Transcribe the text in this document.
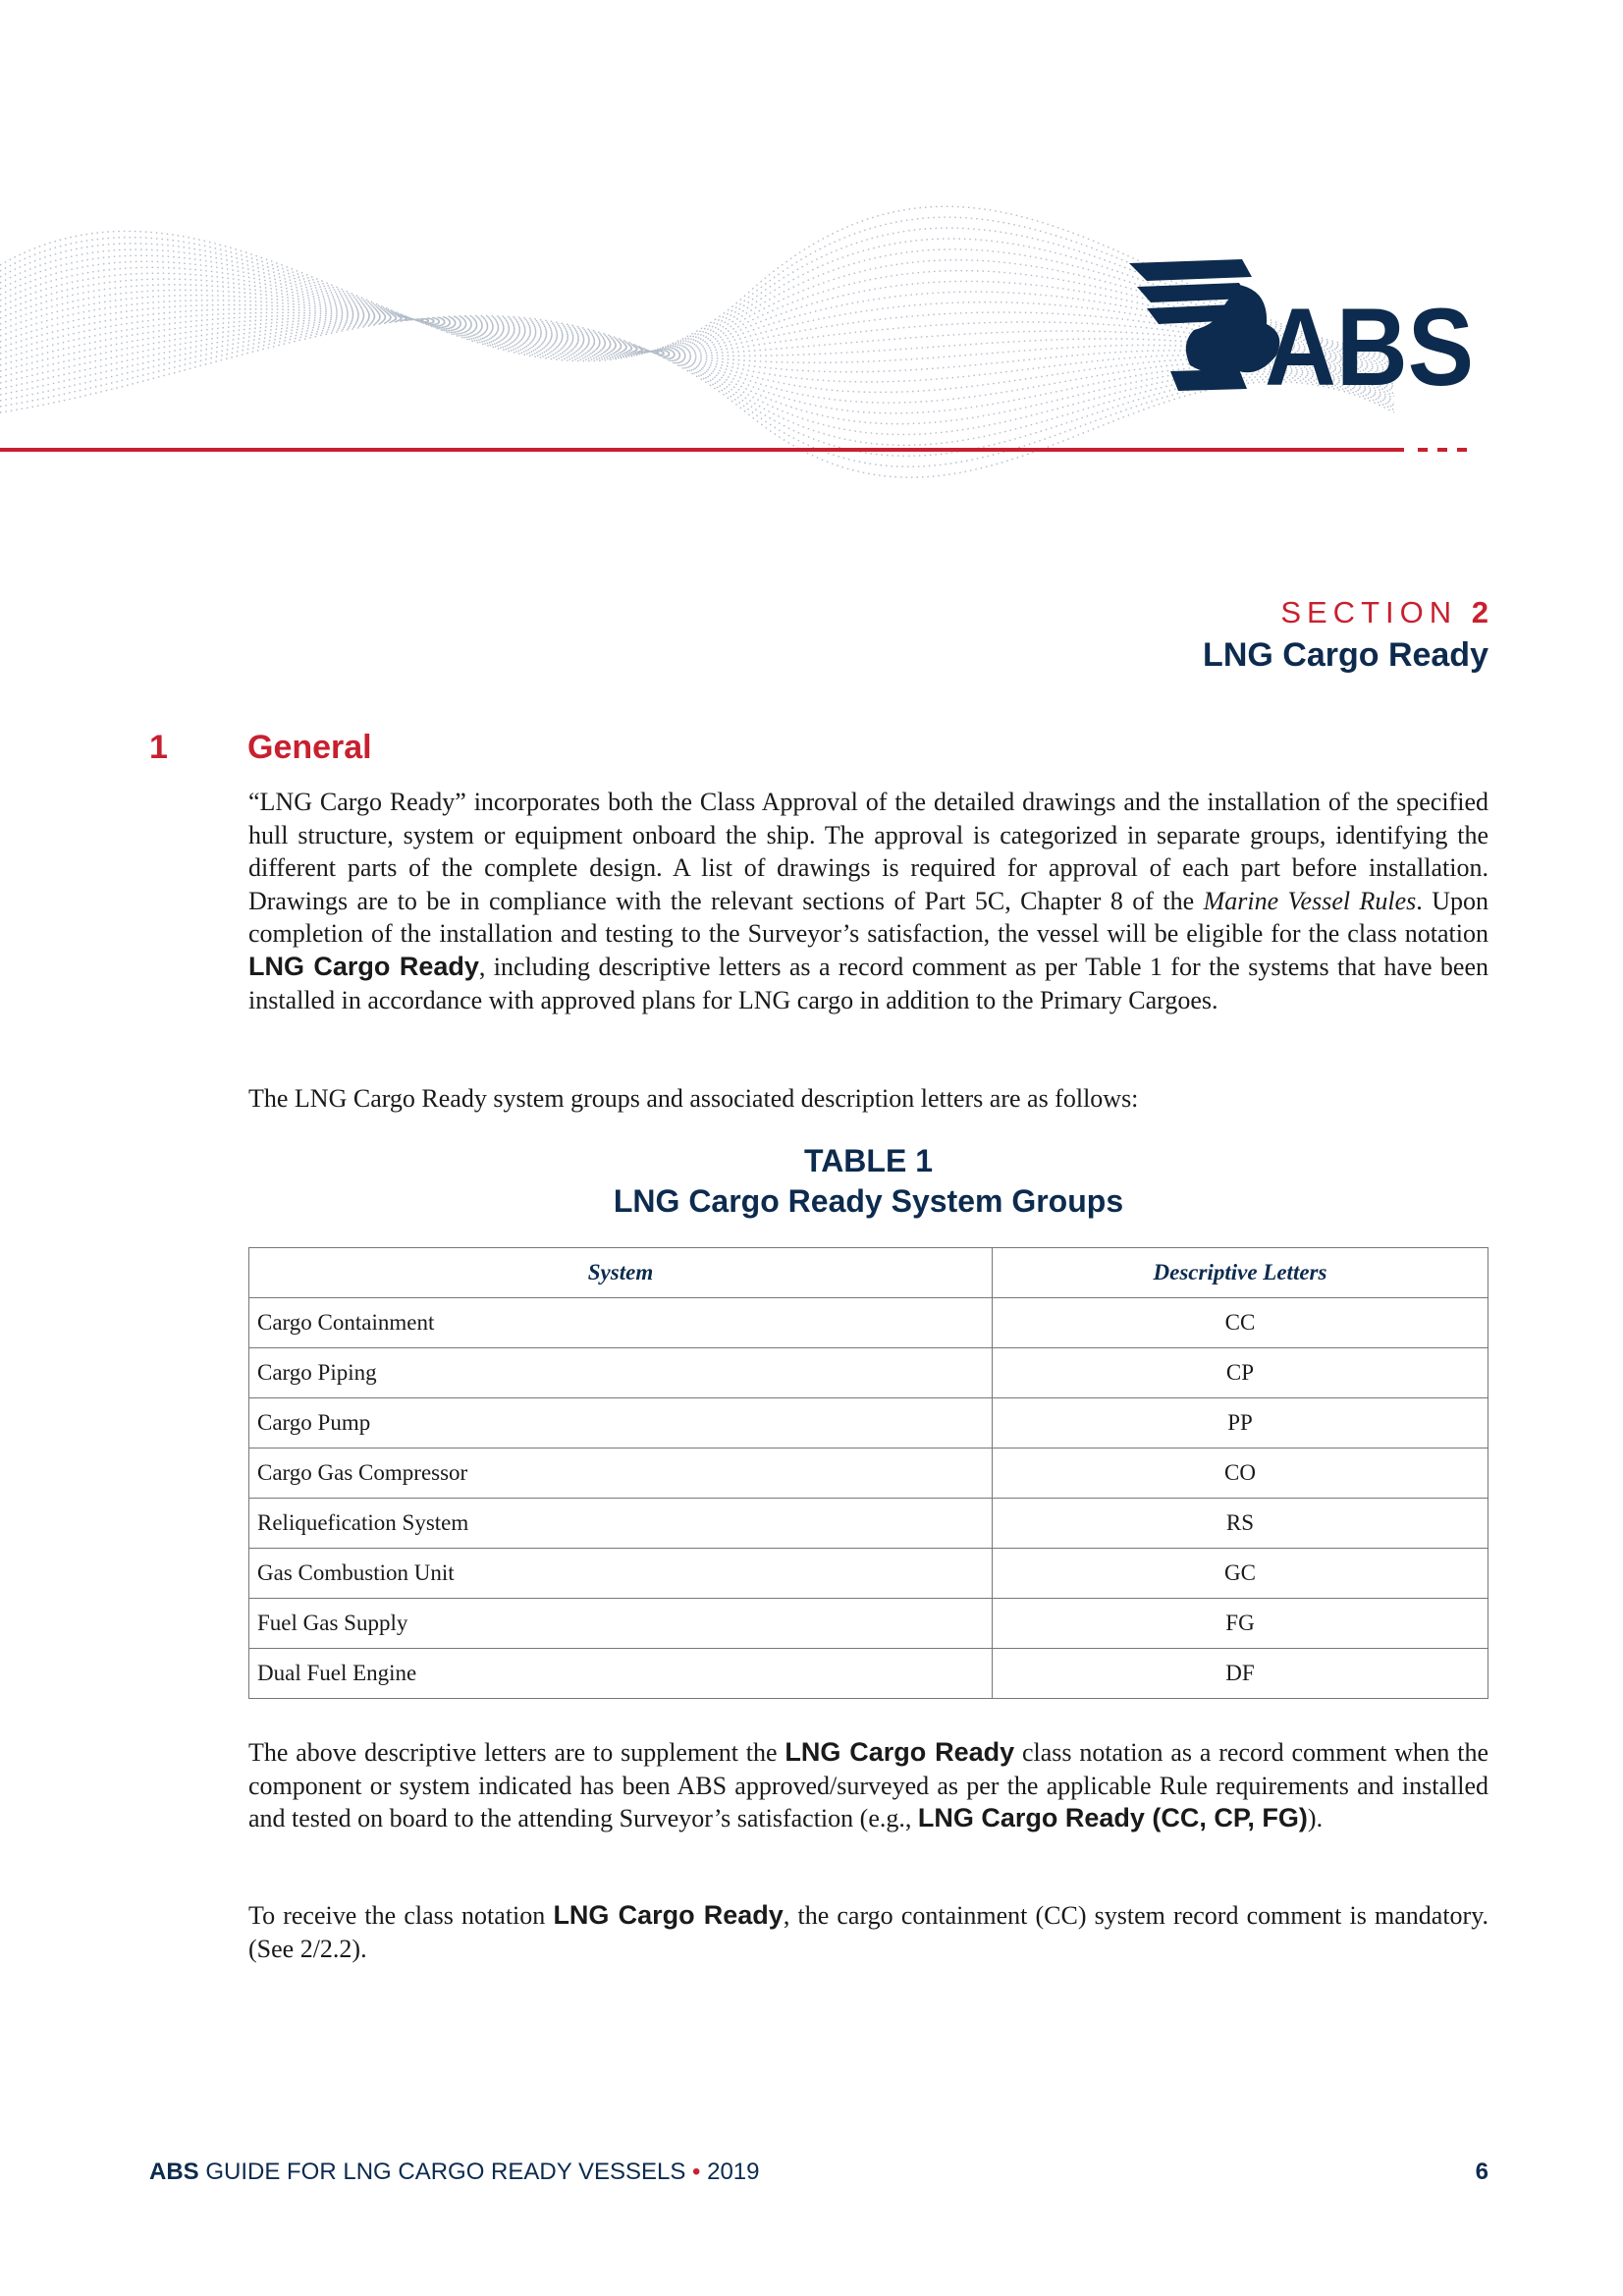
ABS
SECTION 2
LNG Cargo Ready
1 General

“LNG Cargo Ready” incorporates both the Class Approval of the detailed drawings and the installation of the specified hull structure, system or equipment onboard the ship. The approval is categorized in separate groups, identifying the different parts of the complete design. A list of drawings is required for approval of each part before installation. Drawings are to be in compliance with the relevant sections of Part 5C, Chapter 8 of the Marine Vessel Rules. Upon completion of the installation and testing to the Surveyor’s satisfaction, the vessel will be eligible for the class notation LNG Cargo Ready, including descriptive letters as a record comment as per Table 1 for the systems that have been installed in accordance with approved plans for LNG cargo in addition to the Primary Cargoes.

The LNG Cargo Ready system groups and associated description letters are as follows:

TABLE 1
LNG Cargo Ready System Groups
System	Descriptive Letters
Cargo Containment	CC
Cargo Piping	CP
Cargo Pump	PP
Cargo Gas Compressor	CO
Reliquefication System	RS
Gas Combustion Unit	GC
Fuel Gas Supply	FG
Dual Fuel Engine	DF

The above descriptive letters are to supplement the LNG Cargo Ready class notation as a record comment when the component or system indicated has been ABS approved/surveyed as per the applicable Rule requirements and installed and tested on board to the attending Surveyor’s satisfaction (e.g., LNG Cargo Ready (CC, CP, FG)).

To receive the class notation LNG Cargo Ready, the cargo containment (CC) system record comment is mandatory. (See 2/2.2).

ABS GUIDE FOR LNG CARGO READY VESSELS • 2019	6
